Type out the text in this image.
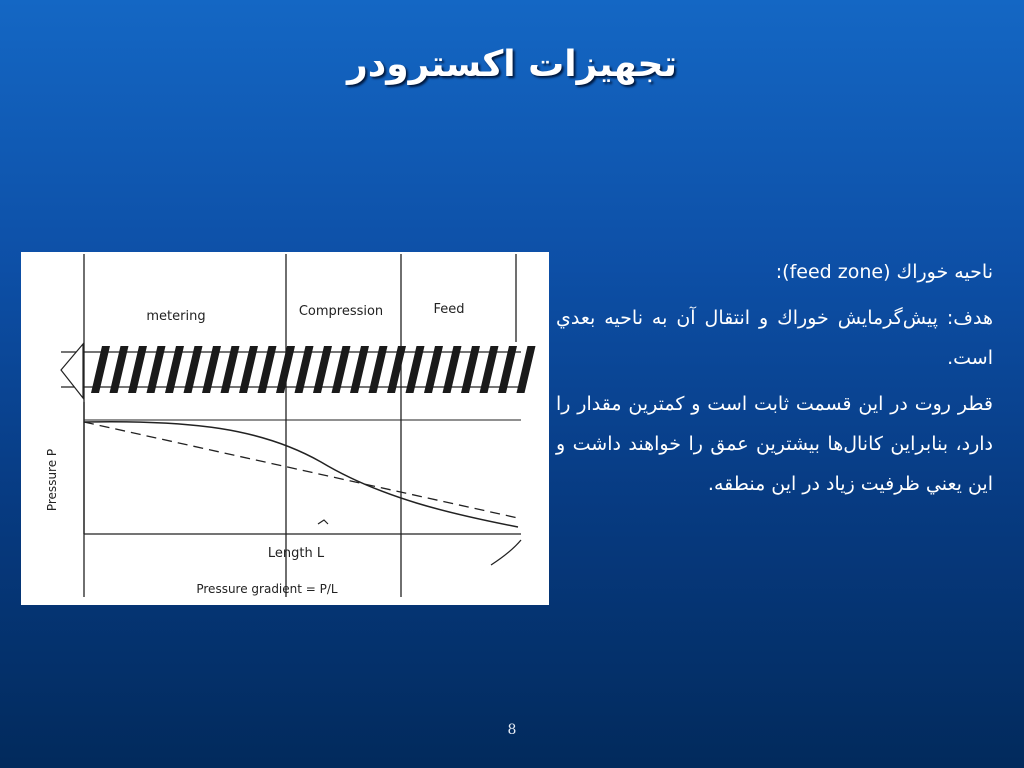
تجهيزات اكسترودر
metering	Compression	Feed
Pressure P
Length L
Pressure gradient = P/L

ناحيه خوراك (feed zone):

هدف: پيش‌گرمايش خوراك و انتقال آن به ناحيه بعدي است.

قطر روت در اين قسمت ثابت است و كمترين مقدار را دارد، بنابراين كانال‌ها بيشترين عمق را خواهند داشت و اين يعني ظرفيت زياد در اين منطقه.

8
